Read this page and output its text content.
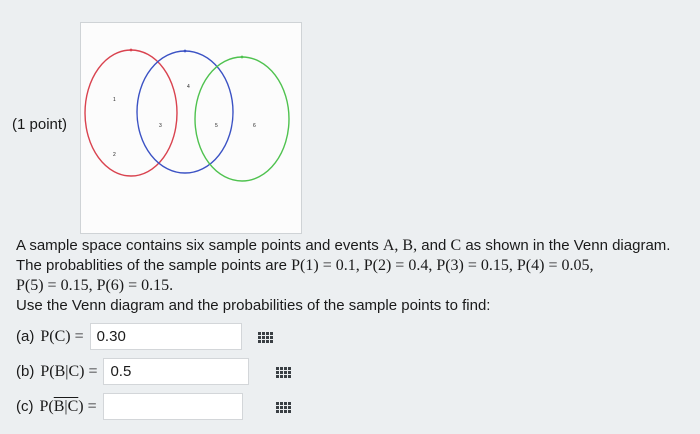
(1 point)
1
2
3
4
5	6
A sample space contains six sample points and events A, B, and C as shown in the Venn diagram.
The probablities of the sample points are P(1) = 0.1, P(2) = 0.4, P(3) = 0.15, P(4) = 0.05,
P(5) = 0.15, P(6) = 0.15.
Use the Venn diagram and the probabilities of the sample points to find:
(a) P(C) =
0.30
(b) P(B|C) =
0.5
(c) P(B|C) =
